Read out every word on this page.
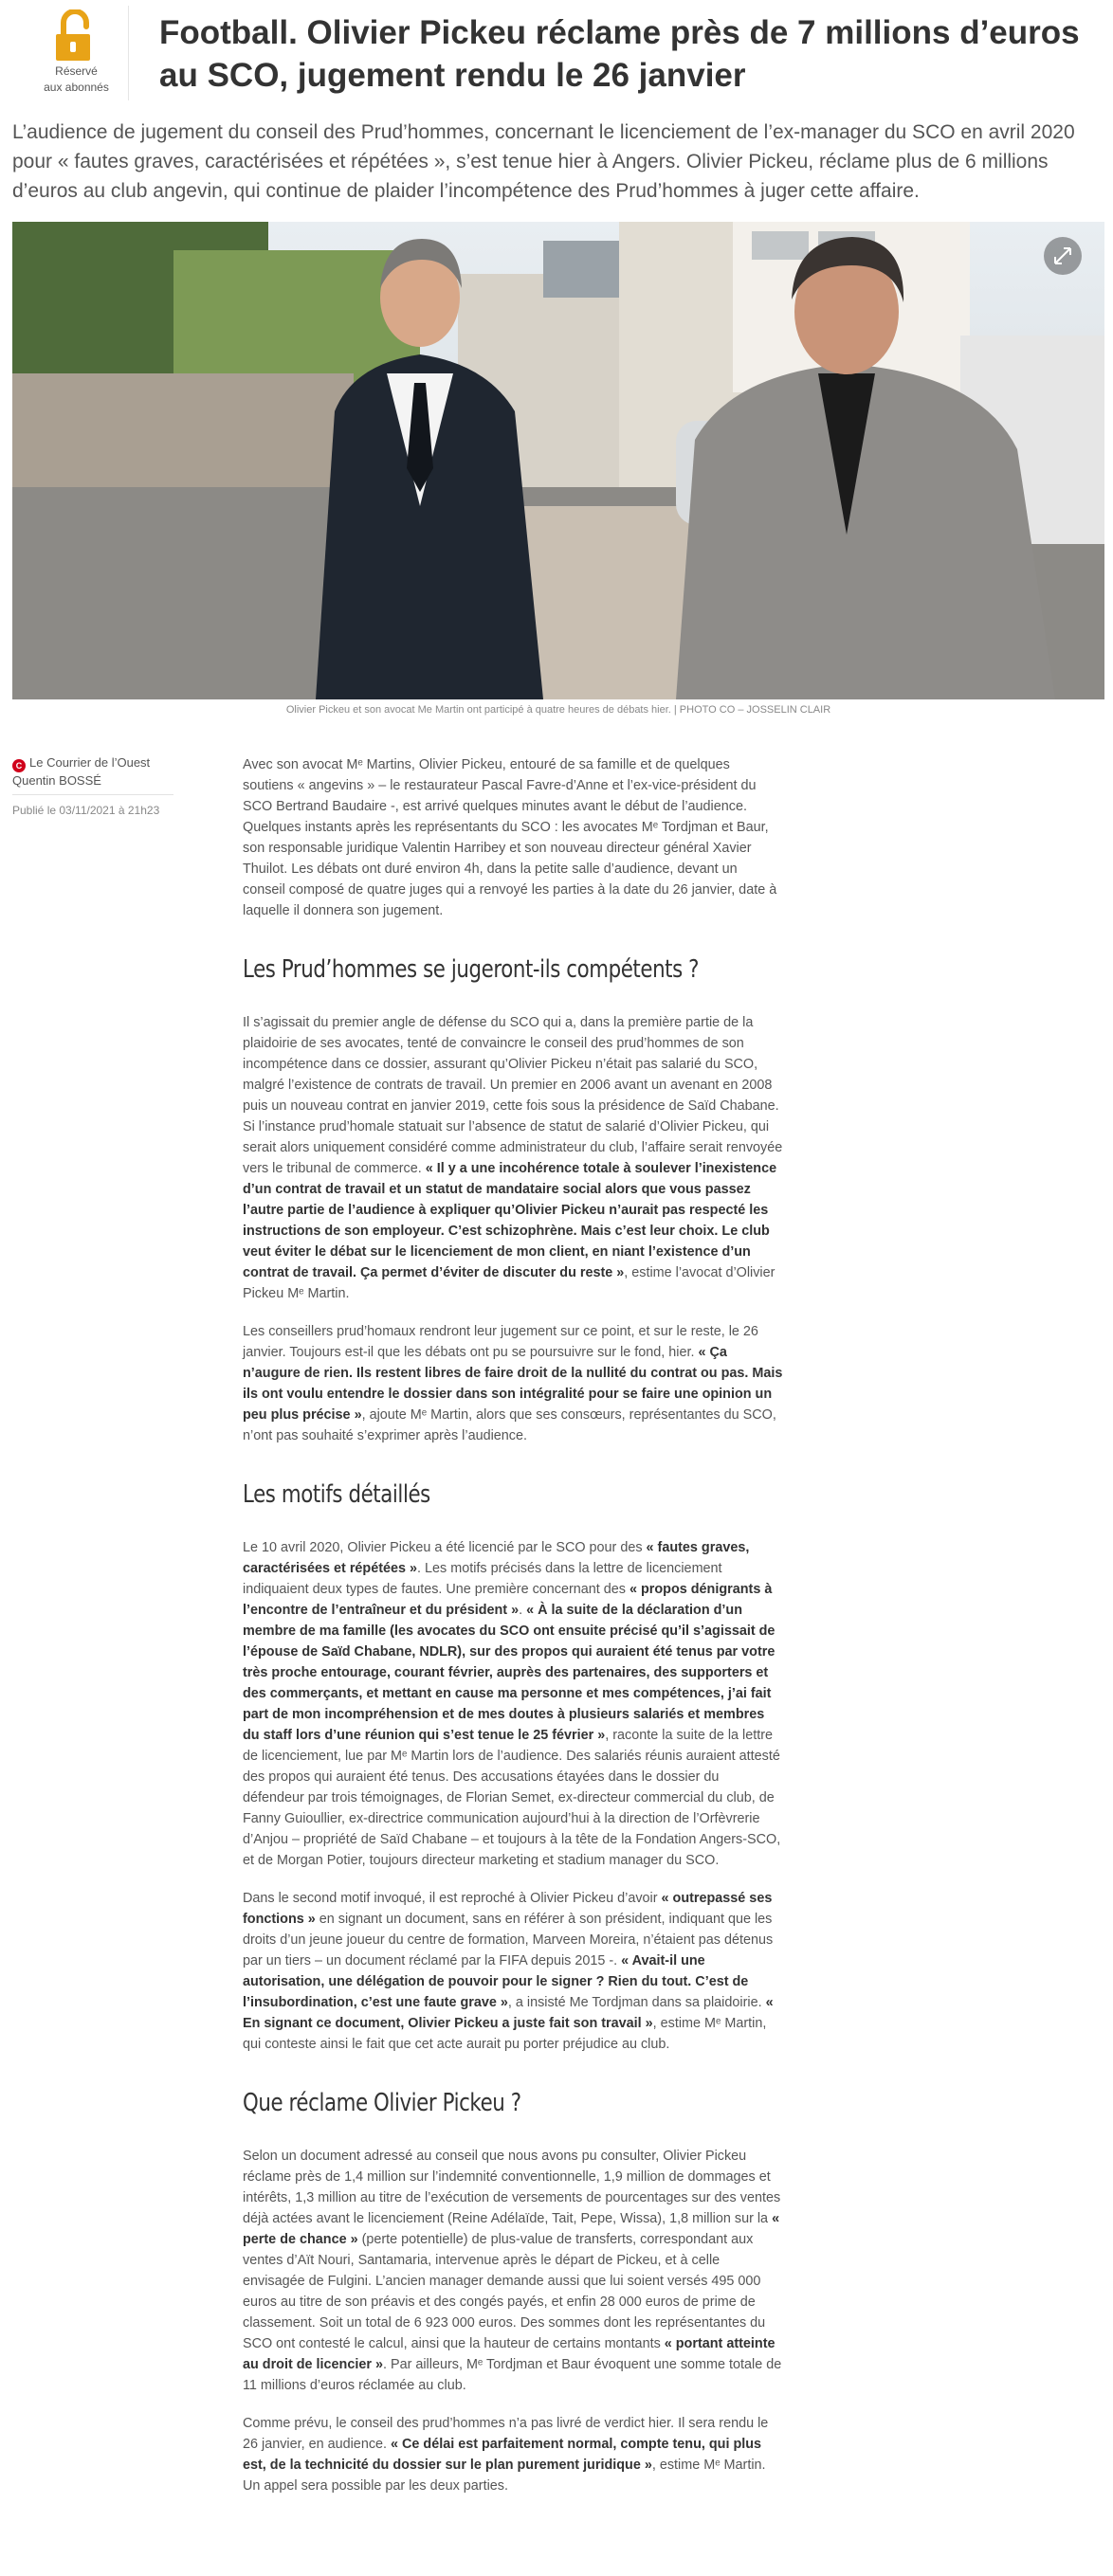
Réservé
aux abonnés
Football. Olivier Pickeu réclame près de 7 millions d’euros au SCO, jugement rendu le 26 janvier

L’audience de jugement du conseil des Prud’hommes, concernant le licenciement de l’ex-manager du SCO en avril 2020 pour « fautes graves, caractérisées et répétées », s’est tenue hier à Angers. Olivier Pickeu, réclame plus de 6 millions d’euros au club angevin, qui continue de plaider l’incompétence des Prud’hommes à juger cette affaire.

Olivier Pickeu et son avocat Me Martin ont participé à quatre heures de débats hier. | PHOTO CO – JOSSELIN CLAIR

C Le Courrier de l’Ouest
Quentin BOSSÉ
Publié le 03/11/2021 à 21h23

Avec son avocat Mᵉ Martins, Olivier Pickeu, entouré de sa famille et de quelques soutiens « angevins » – le restaurateur Pascal Favre-d’Anne et l’ex-vice-président du SCO Bertrand Baudaire -, est arrivé quelques minutes avant le début de l’audience. Quelques instants après les représentants du SCO : les avocates Mᵉ Tordjman et Baur, son responsable juridique Valentin Harribey et son nouveau directeur général Xavier Thuilot. Les débats ont duré environ 4h, dans la petite salle d’audience, devant un conseil composé de quatre juges qui a renvoyé les parties à la date du 26 janvier, date à laquelle il donnera son jugement.

Les Prud’hommes se jugeront-ils compétents ?

Il s’agissait du premier angle de défense du SCO qui a, dans la première partie de la plaidoirie de ses avocates, tenté de convaincre le conseil des prud’hommes de son incompétence dans ce dossier, assurant qu’Olivier Pickeu n’était pas salarié du SCO, malgré l’existence de contrats de travail. Un premier en 2006 avant un avenant en 2008 puis un nouveau contrat en janvier 2019, cette fois sous la présidence de Saïd Chabane. Si l’instance prud’homale statuait sur l’absence de statut de salarié d’Olivier Pickeu, qui serait alors uniquement considéré comme administrateur du club, l’affaire serait renvoyée vers le tribunal de commerce. « Il y a une incohérence totale à soulever l’inexistence d’un contrat de travail et un statut de mandataire social alors que vous passez l’autre partie de l’audience à expliquer qu’Olivier Pickeu n’aurait pas respecté les instructions de son employeur. C’est schizophrène. Mais c’est leur choix. Le club veut éviter le débat sur le licenciement de mon client, en niant l’existence d’un contrat de travail. Ça permet d’éviter de discuter du reste », estime l’avocat d’Olivier Pickeu Mᵉ Martin.

Les conseillers prud’homaux rendront leur jugement sur ce point, et sur le reste, le 26 janvier. Toujours est-il que les débats ont pu se poursuivre sur le fond, hier. « Ça n’augure de rien. Ils restent libres de faire droit de la nullité du contrat ou pas. Mais ils ont voulu entendre le dossier dans son intégralité pour se faire une opinion un peu plus précise », ajoute Mᵉ Martin, alors que ses consœurs, représentantes du SCO, n’ont pas souhaité s’exprimer après l’audience.

Les motifs détaillés

Le 10 avril 2020, Olivier Pickeu a été licencié par le SCO pour des « fautes graves, caractérisées et répétées ». Les motifs précisés dans la lettre de licenciement indiquaient deux types de fautes. Une première concernant des « propos dénigrants à l’encontre de l’entraîneur et du président ». « À la suite de la déclaration d’un membre de ma famille (les avocates du SCO ont ensuite précisé qu’il s’agissait de l’épouse de Saïd Chabane, NDLR), sur des propos qui auraient été tenus par votre très proche entourage, courant février, auprès des partenaires, des supporters et des commerçants, et mettant en cause ma personne et mes compétences, j’ai fait part de mon incompréhension et de mes doutes à plusieurs salariés et membres du staff lors d’une réunion qui s’est tenue le 25 février », raconte la suite de la lettre de licenciement, lue par Mᵉ Martin lors de l’audience. Des salariés réunis auraient attesté des propos qui auraient été tenus. Des accusations étayées dans le dossier du défendeur par trois témoignages, de Florian Semet, ex-directeur commercial du club, de Fanny Guioullier, ex-directrice communication aujourd’hui à la direction de l’Orfèvrerie d’Anjou – propriété de Saïd Chabane – et toujours à la tête de la Fondation Angers-SCO, et de Morgan Potier, toujours directeur marketing et stadium manager du SCO.

Dans le second motif invoqué, il est reproché à Olivier Pickeu d’avoir « outrepassé ses fonctions » en signant un document, sans en référer à son président, indiquant que les droits d’un jeune joueur du centre de formation, Marveen Moreira, n’étaient pas détenus par un tiers – un document réclamé par la FIFA depuis 2015 -. « Avait-il une autorisation, une délégation de pouvoir pour le signer ? Rien du tout. C’est de l’insubordination, c’est une faute grave », a insisté Me Tordjman dans sa plaidoirie. « En signant ce document, Olivier Pickeu a juste fait son travail », estime Mᵉ Martin, qui conteste ainsi le fait que cet acte aurait pu porter préjudice au club.

Que réclame Olivier Pickeu ?

Selon un document adressé au conseil que nous avons pu consulter, Olivier Pickeu réclame près de 1,4 million sur l’indemnité conventionnelle, 1,9 million de dommages et intérêts, 1,3 million au titre de l’exécution de versements de pourcentages sur des ventes déjà actées avant le licenciement (Reine Adélaïde, Tait, Pepe, Wissa), 1,8 million sur la « perte de chance » (perte potentielle) de plus-value de transferts, correspondant aux ventes d’Aït Nouri, Santamaria, intervenue après le départ de Pickeu, et à celle envisagée de Fulgini. L’ancien manager demande aussi que lui soient versés 495 000 euros au titre de son préavis et des congés payés, et enfin 28 000 euros de prime de classement. Soit un total de 6 923 000 euros. Des sommes dont les représentantes du SCO ont contesté le calcul, ainsi que la hauteur de certains montants « portant atteinte au droit de licencier ». Par ailleurs, Mᵉ Tordjman et Baur évoquent une somme totale de 11 millions d’euros réclamée au club.

Comme prévu, le conseil des prud’hommes n’a pas livré de verdict hier. Il sera rendu le 26 janvier, en audience. « Ce délai est parfaitement normal, compte tenu, qui plus est, de la technicité du dossier sur le plan purement juridique », estime Mᵉ Martin. Un appel sera possible par les deux parties.
